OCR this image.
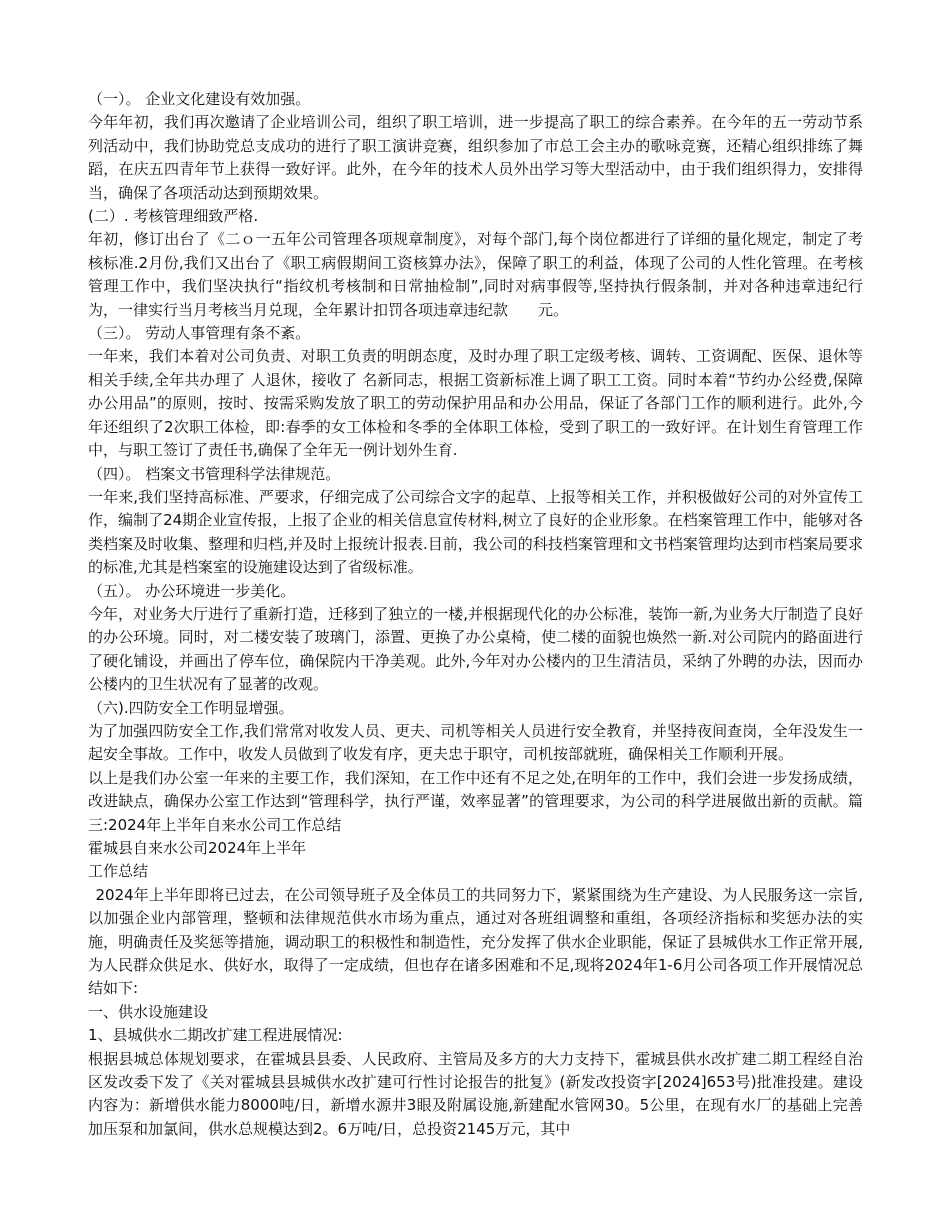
（一）。 企业文化建设有效加强。

今年年初，我们再次邀请了企业培训公司，组织了职工培训，进一步提高了职工的综合素养。在今年的五一劳动节系列活动中，我们协助党总支成功的进行了职工演讲竞赛，组织参加了市总工会主办的歌咏竞赛，还精心组织排练了舞蹈，在庆五四青年节上获得一致好评。此外，在今年的技术人员外出学习等大型活动中，由于我们组织得力，安排得当，确保了各项活动达到预期效果。

(二）. 考核管理细致严格.

年初，修订出台了《二ｏ一五年公司管理各项规章制度》，对每个部门,每个岗位都进行了详细的量化规定，制定了考核标准.2月份,我们又出台了《职工病假期间工资核算办法》，保障了职工的利益，体现了公司的人性化管理。在考核管理工作中，我们坚决执行“指纹机考核制和日常抽检制”,同时对病事假等,坚持执行假条制，并对各种违章违纪行为，一律实行当月考核当月兑现，全年累计扣罚各项违章违纪款　　元。

（三）。 劳动人事管理有条不紊。

一年来，我们本着对公司负责、对职工负责的明朗态度，及时办理了职工定级考核、调转、工资调配、医保、退休等相关手续,全年共办理了 人退休，接收了 名新同志，根据工资新标准上调了职工工资。同时本着“节约办公经费,保障办公用品”的原则，按时、按需采购发放了职工的劳动保护用品和办公用品，保证了各部门工作的顺利进行。此外,今年还组织了2次职工体检，即:春季的女工体检和冬季的全体职工体检，受到了职工的一致好评。在计划生育管理工作中，与职工签订了责任书,确保了全年无一例计划外生育.

（四）。 档案文书管理科学法律规范。

一年来,我们坚持高标准、严要求，仔细完成了公司综合文字的起草、上报等相关工作，并积极做好公司的对外宣传工作，编制了24期企业宣传报，上报了企业的相关信息宣传材料,树立了良好的企业形象。在档案管理工作中，能够对各类档案及时收集、整理和归档,并及时上报统计报表.目前，我公司的科技档案管理和文书档案管理均达到市档案局要求的标准,尤其是档案室的设施建设达到了省级标准。

（五）。 办公环境进一步美化。

今年，对业务大厅进行了重新打造，迁移到了独立的一楼,并根据现代化的办公标准，装饰一新,为业务大厅制造了良好的办公环境。同时，对二楼安装了玻璃门，添置、更换了办公桌椅，使二楼的面貌也焕然一新.对公司院内的路面进行了硬化铺设，并画出了停车位，确保院内干净美观。此外,今年对办公楼内的卫生清洁员，采纳了外聘的办法，因而办公楼内的卫生状况有了显著的改观。

（六).四防安全工作明显增强。

为了加强四防安全工作,我们常常对收发人员、更夫、司机等相关人员进行安全教育，并坚持夜间查岗，全年没发生一起安全事故。工作中，收发人员做到了收发有序，更夫忠于职守，司机按部就班，确保相关工作顺利开展。

以上是我们办公室一年来的主要工作，我们深知，在工作中还有不足之处,在明年的工作中，我们会进一步发扬成绩，改进缺点，确保办公室工作达到“管理科学，执行严谨，效率显著”的管理要求，为公司的科学进展做出新的贡献。篇三:2024年上半年自来水公司工作总结

霍城县自来水公司2024年上半年

工作总结

2024年上半年即将已过去，在公司领导班子及全体员工的共同努力下，紧紧围绕为生产建设、为人民服务这一宗旨,以加强企业内部管理，整顿和法律规范供水市场为重点，通过对各班组调整和重组，各项经济指标和奖惩办法的实施，明确责任及奖惩等措施，调动职工的积极性和制造性，充分发挥了供水企业职能，保证了县城供水工作正常开展,为人民群众供足水、供好水，取得了一定成绩，但也存在诸多困难和不足,现将2024年1-6月公司各项工作开展情况总结如下:

一、供水设施建设

1、县城供水二期改扩建工程进展情况:

根据县城总体规划要求，在霍城县县委、人民政府、主管局及多方的大力支持下，霍城县供水改扩建二期工程经自治区发改委下发了《关对霍城县县城供水改扩建可行性讨论报告的批复》(新发改投资字[2024]653号)批准投建。建设内容为：新增供水能力8000吨/日，新增水源井3眼及附属设施,新建配水管网30。5公里，在现有水厂的基础上完善加压泵和加氯间，供水总规模达到2。6万吨/日，总投资2145万元，其中
